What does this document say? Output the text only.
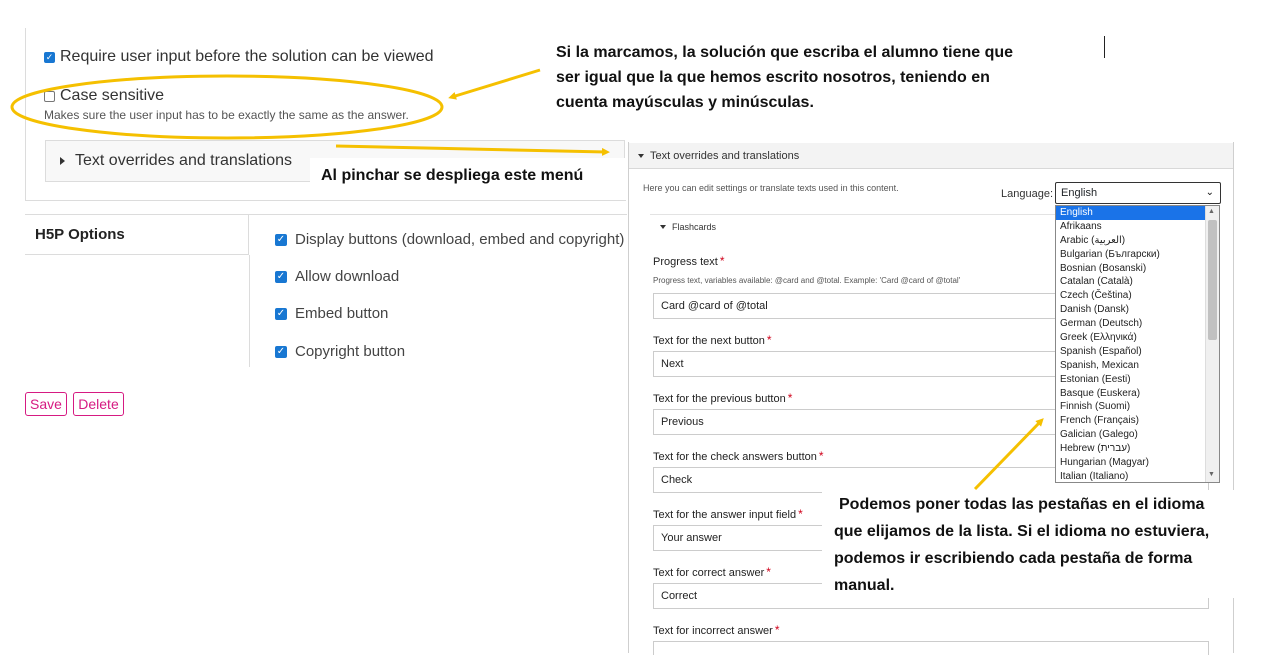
✓ Require user input before the solution can be viewed
Case sensitive
Makes sure the user input has to be exactly the same as the answer.
Text overrides and translations
H5P Options	✓ Display buttons (download, embed and copyright)
✓ Allow download
✓ Embed button
✓ Copyright button
Save	Delete
Si la marcamos, la solución que escriba el alumno tiene que
ser igual que la que hemos escrito nosotros, teniendo en
cuenta mayúsculas y minúsculas.
Al pinchar se despliega este menú
Text overrides and translations
Here you can edit settings or translate texts used in this content.	Language: English	⌄
Flashcards
Progress text *
Progress text, variables available: @card and @total. Example: 'Card @card of @total'
Card @card of @total
Text for the next button *
Next
Text for the previous button *
Previous
Text for the check answers button *
Check
Text for the answer input field *
Your answer
Text for correct answer *
Correct
Text for incorrect answer *
English
Afrikaans
Arabic (العربية)
Bulgarian (Български)
Bosnian (Bosanski)
Catalan (Català)
Czech (Čeština)
Danish (Dansk)
German (Deutsch)
Greek (Ελληνικά)
Spanish (Español)
Spanish, Mexican
Estonian (Eesti)
Basque (Euskera)
Finnish (Suomi)
French (Français)
Galician (Galego)
Hebrew (עברית)
Hungarian (Magyar)
Italian (Italiano)
▲
▼
Podemos poner todas las pestañas en el idioma
que elijamos de la lista. Si el idioma no estuviera,
podemos ir escribiendo cada pestaña de forma
manual.
